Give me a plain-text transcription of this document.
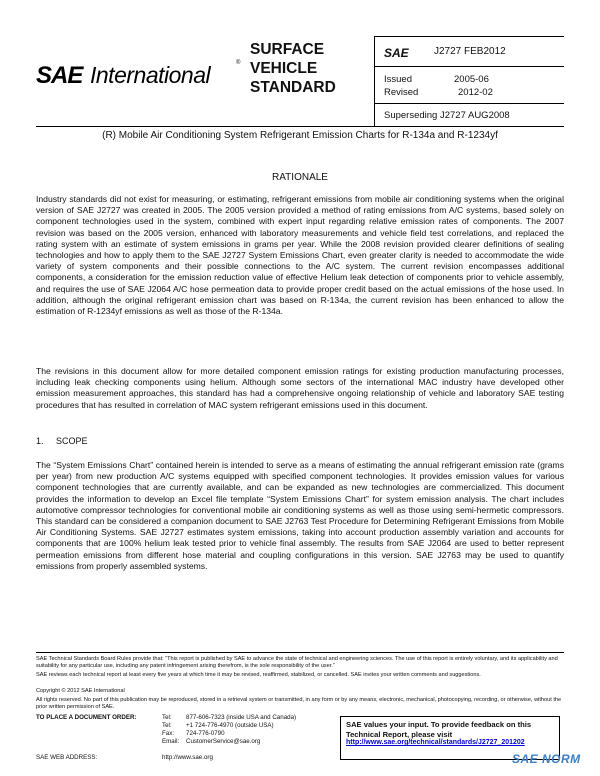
SAE International	®
SURFACE
VEHICLE
STANDARD
SAE	J2727 FEB2012
Issued	2005-06
Revised	2012-02
Superseding J2727 AUG2008
(R) Mobile Air Conditioning System Refrigerant Emission Charts for R-134a and R-1234yf
RATIONALE
Industry standards did not exist for measuring, or estimating, refrigerant emissions from mobile air conditioning systems when the original version of SAE J2727 was created in 2005. The 2005 version provided a method of rating emissions from A/C systems, based solely on component technologies used in the system, combined with expert input regarding relative emission rates of components. The 2007 revision was based on the 2005 version, enhanced with laboratory measurements and vehicle field test correlations, and replaced the rating system with an estimate of system emissions in grams per year. While the 2008 revision provided clearer definitions of sealing technologies and how to apply them to the SAE J2727 System Emissions Chart, even greater clarity is needed to accommodate the wide variety of system components and their possible connections to the A/C system. The current revision encompasses additional components, a consideration for the emission reduction value of effective Helium leak detection of components prior to vehicle assembly, and requires the use of SAE J2064 A/C hose permeation data to provide proper credit based on the actual emissions of the hose used. In addition, although the original refrigerant emission chart was based on R-134a, the current revision has been enhanced to allow the estimation of R-1234yf emissions as well as those of the R-134a.
The revisions in this document allow for more detailed component emission ratings for existing production manufacturing processes, including leak checking components using helium. Although some sectors of the international MAC industry have developed other emission measurement approaches, this standard has had a comprehensive ongoing relationship of vehicle and laboratory SAE testing procedures that has resulted in correlation of MAC system refrigerant emissions used in this document.
1. SCOPE
The “System Emissions Chart” contained herein is intended to serve as a means of estimating the annual refrigerant emission rate (grams per year) from new production A/C systems equipped with specified component technologies. It provides emission values for various component technologies that are currently available, and can be expanded as new technologies are commercialized. This document provides the information to develop an Excel file template “System Emissions Chart” for system emission analysis. The chart includes automotive compressor technologies for conventional mobile air conditioning systems as well as those using semi-hermetic compressors. This standard can be considered a companion document to SAE J2763 Test Procedure for Determining Refrigerant Emissions from Mobile Air Conditioning Systems. SAE J2727 estimates system emissions, taking into account production assembly variation and accounts for components that are 100% helium leak tested prior to vehicle final assembly. The results from SAE J2064 are used to better represent permeation emissions from different hose material and coupling configurations in this version. SAE J2763 may be used to quantify emissions from properly assembled systems.
SAE Technical Standards Board Rules provide that: “This report is published by SAE to advance the state of technical and engineering sciences. The use of this report is entirely voluntary, and its applicability and suitability for any particular use, including any patent infringement arising therefrom, is the sole responsibility of the user.”
SAE reviews each technical report at least every five years at which time it may be revised, reaffirmed, stabilized, or cancelled. SAE invites your written comments and suggestions.
Copyright © 2012 SAE International
All rights reserved. No part of this publication may be reproduced, stored in a retrieval system or transmitted, in any form or by any means, electronic, mechanical, photocopying, recording, or otherwise, without the prior written permission of SAE.
TO PLACE A DOCUMENT ORDER:	Tel: 877-606-7323 (inside USA and Canada)
Tel: +1 724-776-4970 (outside USA)
Fax: 724-776-0790
Email: CustomerService@sae.org
SAE WEB ADDRESS:	http://www.sae.org
SAE values your input. To provide feedback on this Technical Report, please visit
http://www.sae.org/technical/standards/J2727_201202
SAE NORM
